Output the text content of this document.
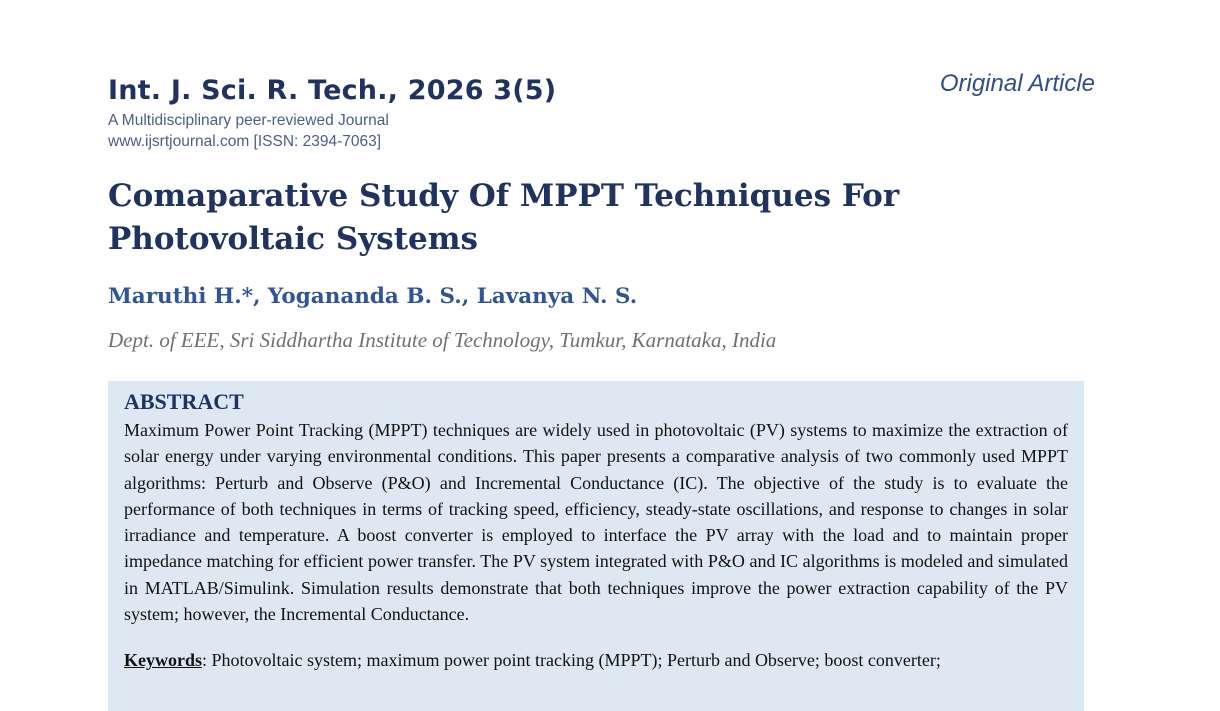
Int. J. Sci. R. Tech., 2026 3(5)
A Multidisciplinary peer-reviewed Journal
www.ijsrtjournal.com [ISSN: 2394-7063]
Original Article
Comaparative Study Of MPPT Techniques For Photovoltaic Systems
Maruthi H.*, Yogananda B. S., Lavanya N. S.
Dept. of EEE, Sri Siddhartha Institute of Technology, Tumkur, Karnataka, India
ABSTRACT

Maximum Power Point Tracking (MPPT) techniques are widely used in photovoltaic (PV) systems to maximize the extraction of solar energy under varying environmental conditions. This paper presents a comparative analysis of two commonly used MPPT algorithms: Perturb and Observe (P&O) and Incremental Conductance (IC). The objective of the study is to evaluate the performance of both techniques in terms of tracking speed, efficiency, steady-state oscillations, and response to changes in solar irradiance and temperature. A boost converter is employed to interface the PV array with the load and to maintain proper impedance matching for efficient power transfer. The PV system integrated with P&O and IC algorithms is modeled and simulated in MATLAB/Simulink. Simulation results demonstrate that both techniques improve the power extraction capability of the PV system; however, the Incremental Conductance.

Keywords: Photovoltaic system; maximum power point tracking (MPPT); Perturb and Observe; boost converter;
